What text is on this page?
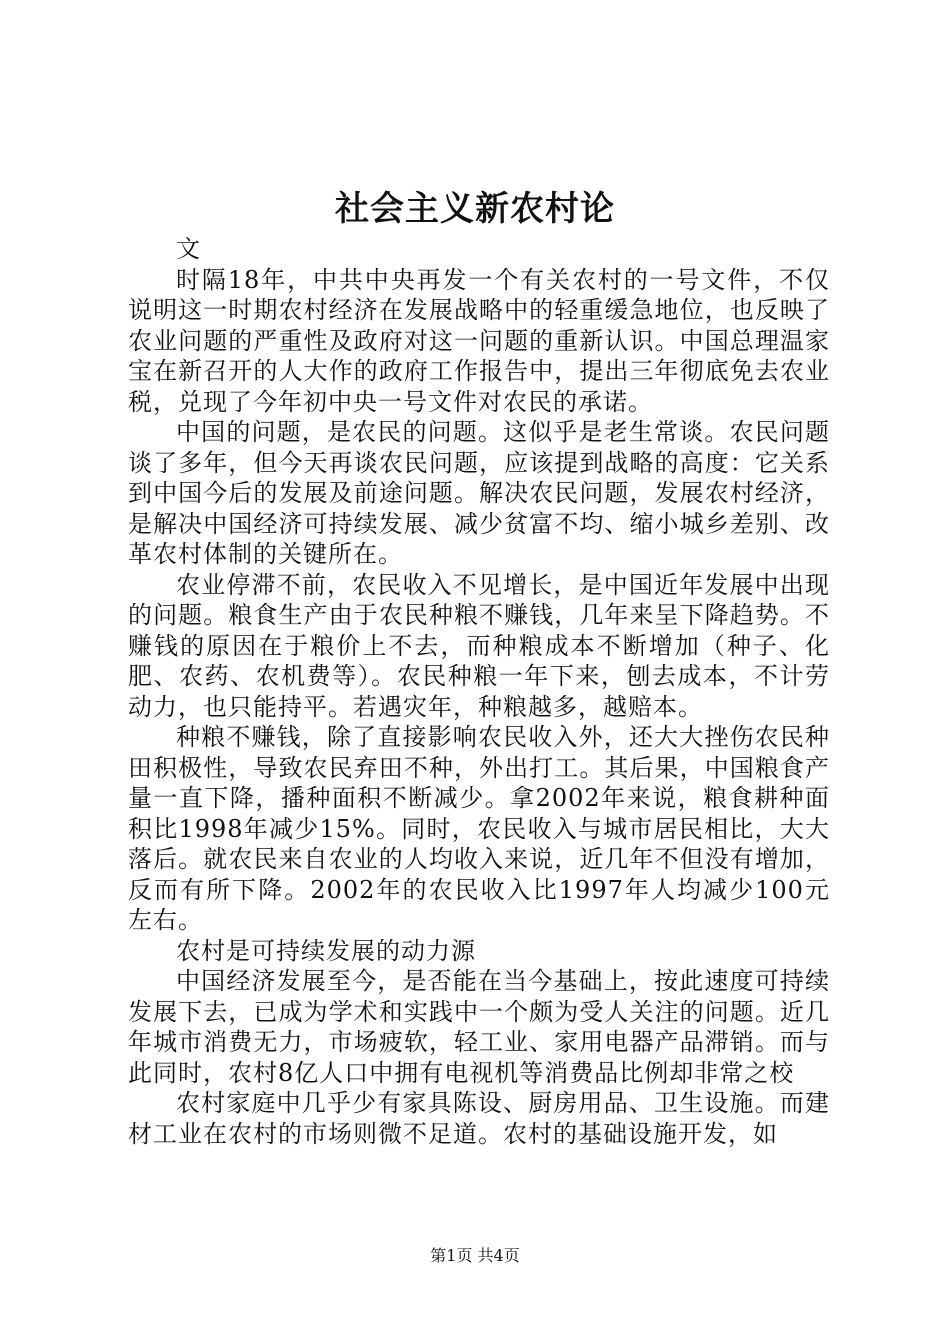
社会主义新农村论

文

时隔18年，中共中央再发一个有关农村的一号文件，不仅说明这一时期农村经济在发展战略中的轻重缓急地位，也反映了农业问题的严重性及政府对这一问题的重新认识。中国总理温家宝在新召开的人大作的政府工作报告中，提出三年彻底免去农业税，兑现了今年初中央一号文件对农民的承诺。

中国的问题，是农民的问题。这似乎是老生常谈。农民问题谈了多年，但今天再谈农民问题，应该提到战略的高度：它关系到中国今后的发展及前途问题。解决农民问题，发展农村经济，是解决中国经济可持续发展、减少贫富不均、缩小城乡差别、改革农村体制的关键所在。

农业停滞不前，农民收入不见增长，是中国近年发展中出现的问题。粮食生产由于农民种粮不赚钱，几年来呈下降趋势。不赚钱的原因在于粮价上不去，而种粮成本不断增加（种子、化肥、农药、农机费等）。农民种粮一年下来，刨去成本，不计劳动力，也只能持平。若遇灾年，种粮越多，越赔本。

种粮不赚钱，除了直接影响农民收入外，还大大挫伤农民种田积极性，导致农民弃田不种，外出打工。其后果，中国粮食产量一直下降，播种面积不断减少。拿2002年来说，粮食耕种面积比1998年减少15%。同时，农民收入与城市居民相比，大大落后。就农民来自农业的人均收入来说，近几年不但没有增加，反而有所下降。2002年的农民收入比1997年人均减少100元左右。

农村是可持续发展的动力源

中国经济发展至今，是否能在当今基础上，按此速度可持续发展下去，已成为学术和实践中一个颇为受人关注的问题。近几年城市消费无力，市场疲软，轻工业、家用电器产品滞销。而与此同时，农村8亿人口中拥有电视机等消费品比例却非常之校

农村家庭中几乎少有家具陈设、厨房用品、卫生设施。而建材工业在农村的市场则微不足道。农村的基础设施开发，如

第1页 共4页
